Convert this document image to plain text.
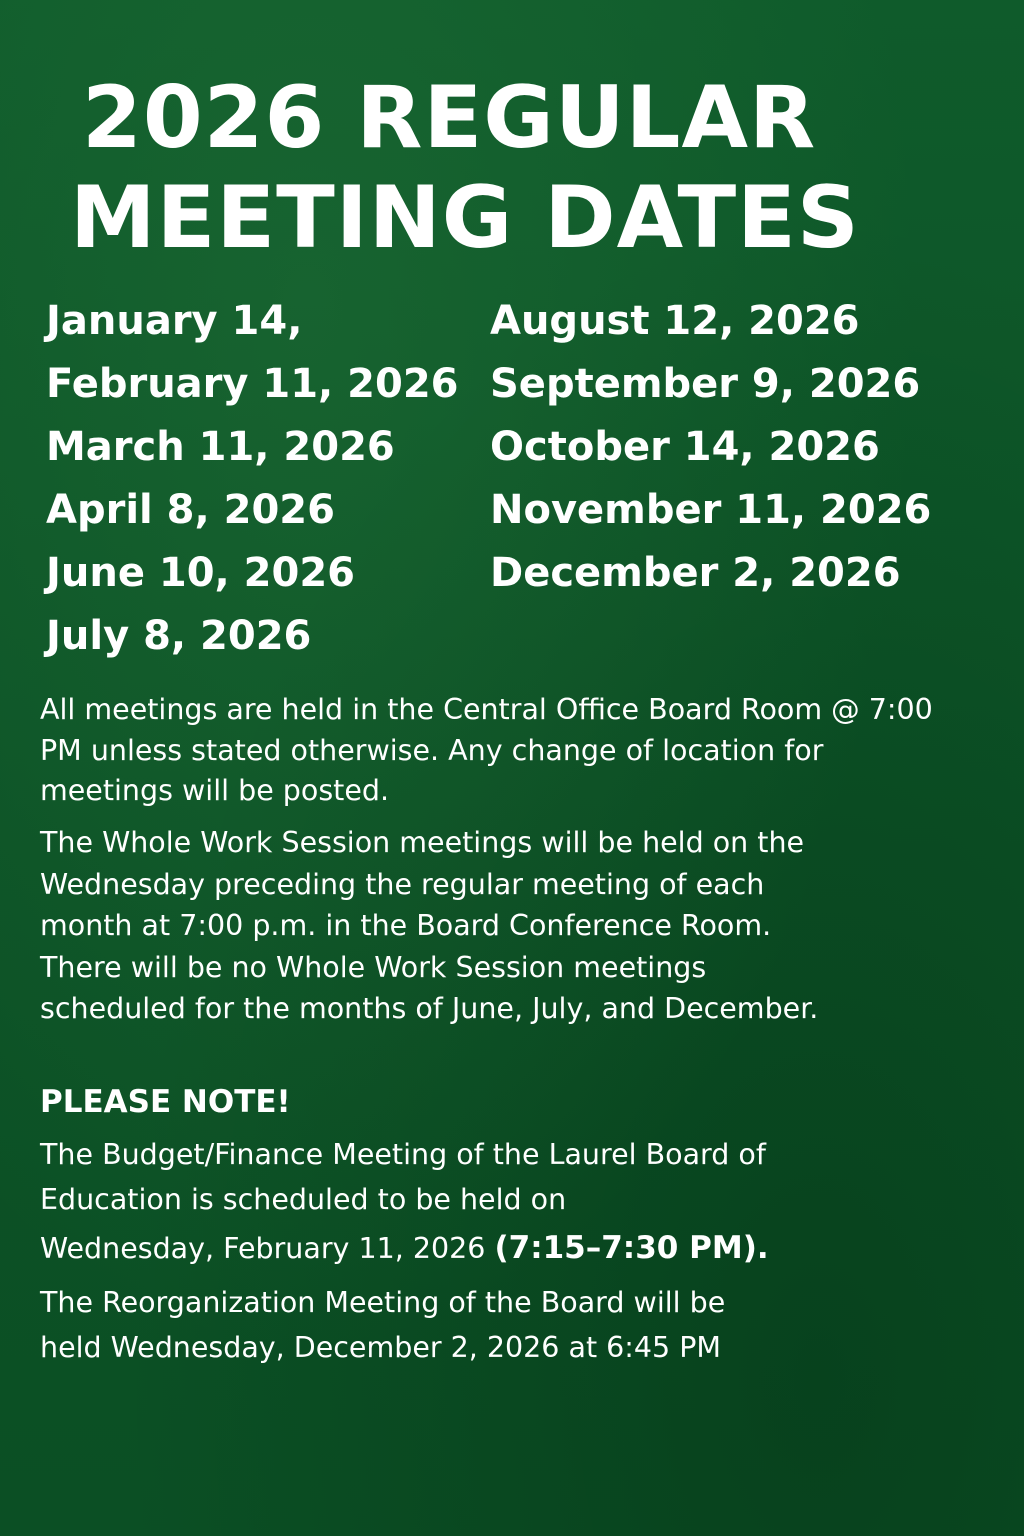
2026 REGULAR
MEETING DATES
January 14,
February 11, 2026
March 11, 2026
April 8, 2026
June 10, 2026
July 8, 2026
August 12, 2026
September 9, 2026
October 14, 2026
November 11, 2026
December 2, 2026

All meetings are held in the Central Office Board Room @ 7:00 PM unless stated otherwise. Any change of location for meetings will be posted.

The Whole Work Session meetings will be held on the Wednesday preceding the regular meeting of each month at 7:00 p.m. in the Board Conference Room. There will be no Whole Work Session meetings scheduled for the months of June, July, and December.

PLEASE NOTE!

The Budget/Finance Meeting of the Laurel Board of
Education is scheduled to be held on
Wednesday, February 11, 2026 (7:15–7:30 PM).

The Reorganization Meeting of the Board will be
held Wednesday, December 2, 2026 at 6:45 PM
